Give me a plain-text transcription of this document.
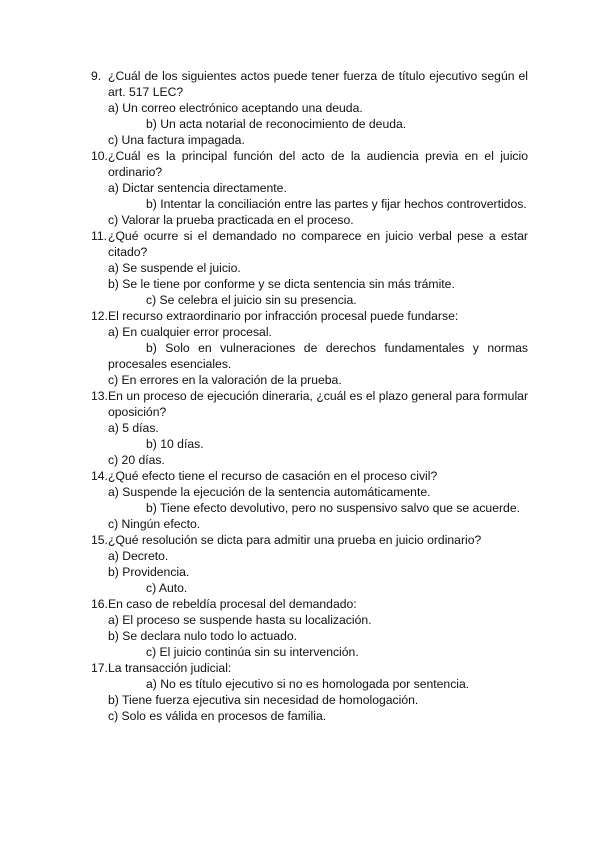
9. ¿Cuál de los siguientes actos puede tener fuerza de título ejecutivo según el art. 517 LEC?
a) Un correo electrónico aceptando una deuda.
b) Un acta notarial de reconocimiento de deuda.
c) Una factura impagada.
10. ¿Cuál es la principal función del acto de la audiencia previa en el juicio ordinario?
a) Dictar sentencia directamente.
b) Intentar la conciliación entre las partes y fijar hechos controvertidos.
c) Valorar la prueba practicada en el proceso.
11. ¿Qué ocurre si el demandado no comparece en juicio verbal pese a estar citado?
a) Se suspende el juicio.
b) Se le tiene por conforme y se dicta sentencia sin más trámite.
c) Se celebra el juicio sin su presencia.
12. El recurso extraordinario por infracción procesal puede fundarse:
a) En cualquier error procesal.
b) Solo en vulneraciones de derechos fundamentales y normas procesales esenciales.
c) En errores en la valoración de la prueba.
13. En un proceso de ejecución dineraria, ¿cuál es el plazo general para formular oposición?
a) 5 días.
b) 10 días.
c) 20 días.
14. ¿Qué efecto tiene el recurso de casación en el proceso civil?
a) Suspende la ejecución de la sentencia automáticamente.
b) Tiene efecto devolutivo, pero no suspensivo salvo que se acuerde.
c) Ningún efecto.
15. ¿Qué resolución se dicta para admitir una prueba en juicio ordinario?
a) Decreto.
b) Providencia.
c) Auto.
16. En caso de rebeldía procesal del demandado:
a) El proceso se suspende hasta su localización.
b) Se declara nulo todo lo actuado.
c) El juicio continúa sin su intervención.
17. La transacción judicial:
a) No es título ejecutivo si no es homologada por sentencia.
b) Tiene fuerza ejecutiva sin necesidad de homologación.
c) Solo es válida en procesos de familia.
